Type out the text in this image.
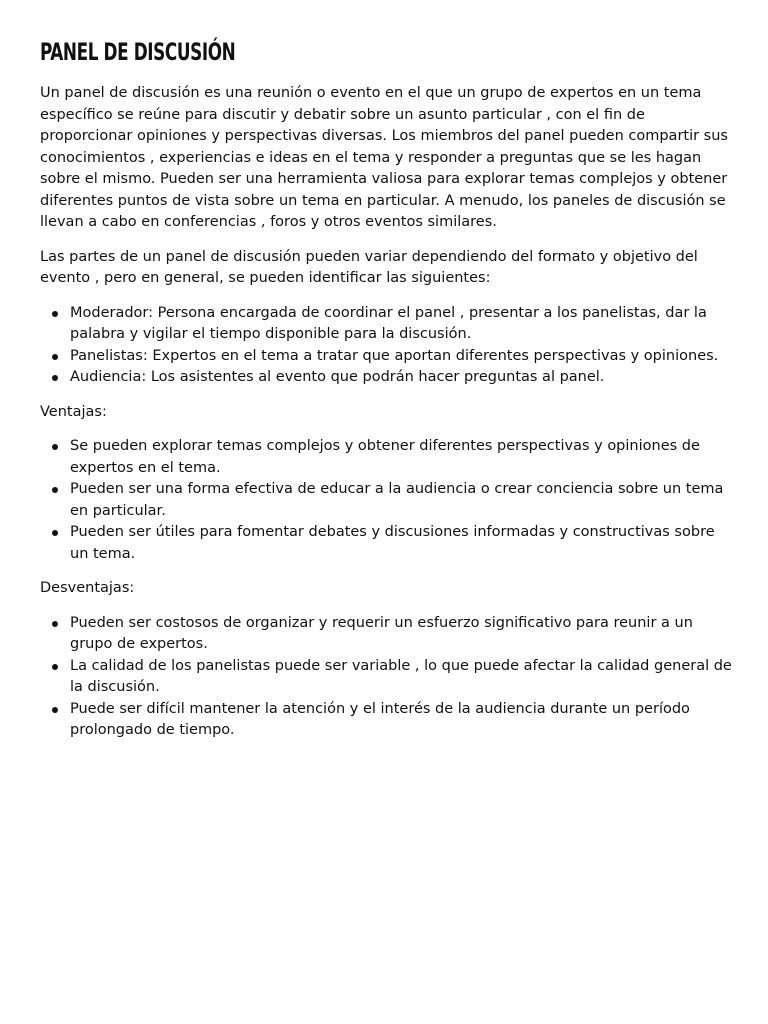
PANEL DE DISCUSIÓN

Un panel de discusión es una reunión o evento en el que un grupo de expertos en un tema específico se reúne para discutir y debatir sobre un asunto particular , con el fin de proporcionar opiniones y perspectivas diversas. Los miembros del panel pueden compartir sus conocimientos , experiencias e ideas en el tema y responder a preguntas que se les hagan sobre el mismo. Pueden ser una herramienta valiosa para explorar temas complejos y obtener diferentes puntos de vista sobre un tema en particular. A menudo, los paneles de discusión se llevan a cabo en conferencias , foros y otros eventos similares.

Las partes de un panel de discusión pueden variar dependiendo del formato y objetivo del evento , pero en general, se pueden identificar las siguientes:

Moderador: Persona encargada de coordinar el panel , presentar a los panelistas, dar la palabra y vigilar el tiempo disponible para la discusión.
Panelistas: Expertos en el tema a tratar que aportan diferentes perspectivas y opiniones.
Audiencia: Los asistentes al evento que podrán hacer preguntas al panel.

Ventajas:

Se pueden explorar temas complejos y obtener diferentes perspectivas y opiniones de expertos en el tema.
Pueden ser una forma efectiva de educar a la audiencia o crear conciencia sobre un tema en particular.
Pueden ser útiles para fomentar debates y discusiones informadas y constructivas sobre un tema.

Desventajas:

Pueden ser costosos de organizar y requerir un esfuerzo significativo para reunir a un grupo de expertos.
La calidad de los panelistas puede ser variable , lo que puede afectar la calidad general de la discusión.
Puede ser difícil mantener la atención y el interés de la audiencia durante un período prolongado de tiempo.
